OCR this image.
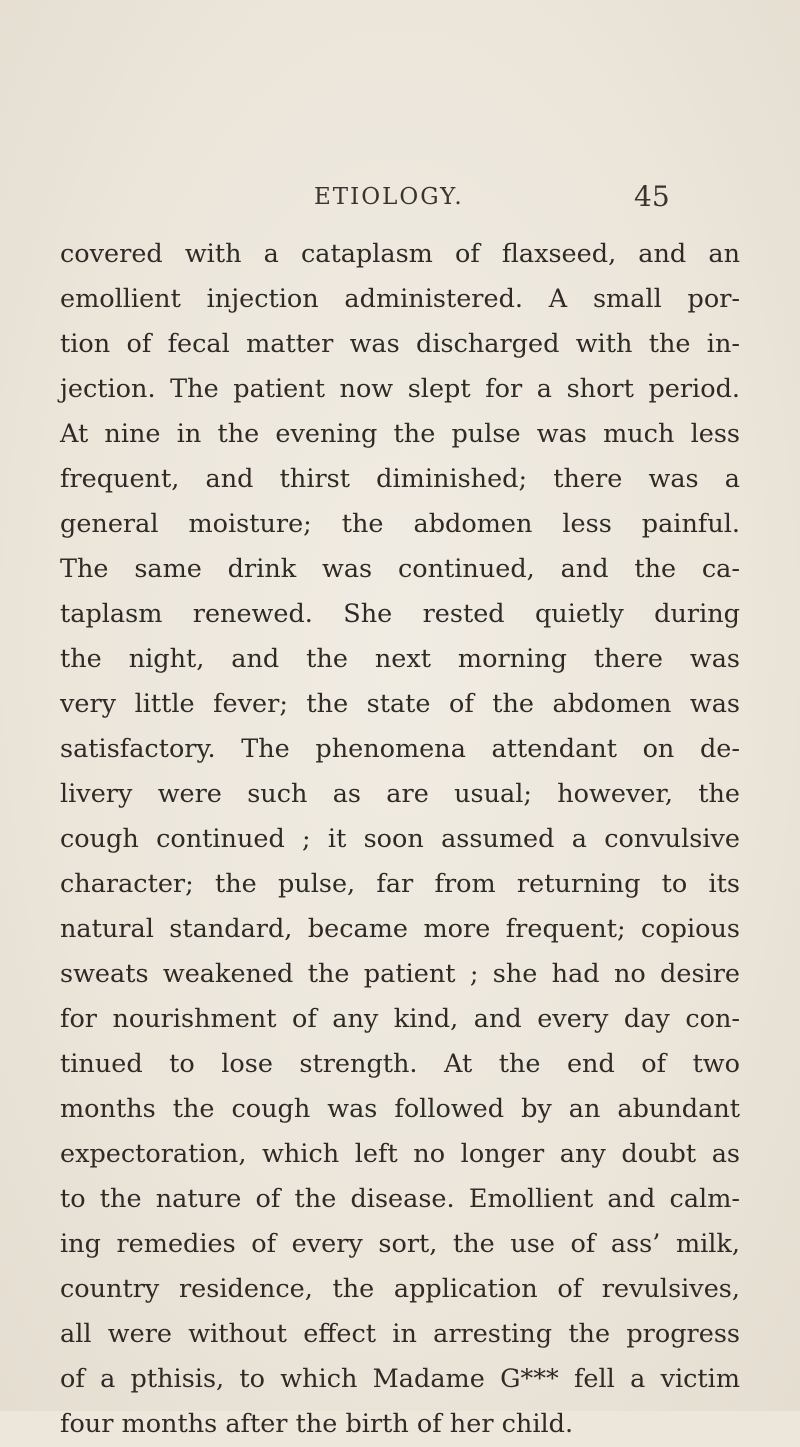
ETIOLOGY.	45
covered with a cataplasm of flaxseed, and an
emollient injection administered. A small por-
tion of fecal matter was discharged with the in-
jection. The patient now slept for a short period.
At nine in the evening the pulse was much less
frequent, and thirst diminished; there was a
general moisture; the abdomen less painful.
The same drink was continued, and the ca-
taplasm renewed. She rested quietly during
the night, and the next morning there was
very little fever; the state of the abdomen was
satisfactory. The phenomena attendant on de-
livery were such as are usual; however, the
cough continued ; it soon assumed a convulsive
character; the pulse, far from returning to its
natural standard, became more frequent; copious
sweats weakened the patient ; she had no desire
for nourishment of any kind, and every day con-
tinued to lose strength. At the end of two
months the cough was followed by an abundant
expectoration, which left no longer any doubt as
to the nature of the disease. Emollient and calm-
ing remedies of every sort, the use of ass’ milk,
country residence, the application of revulsives,
all were without effect in arresting the progress
of a pthisis, to which Madame G*** fell a victim
four months after the birth of her child.
